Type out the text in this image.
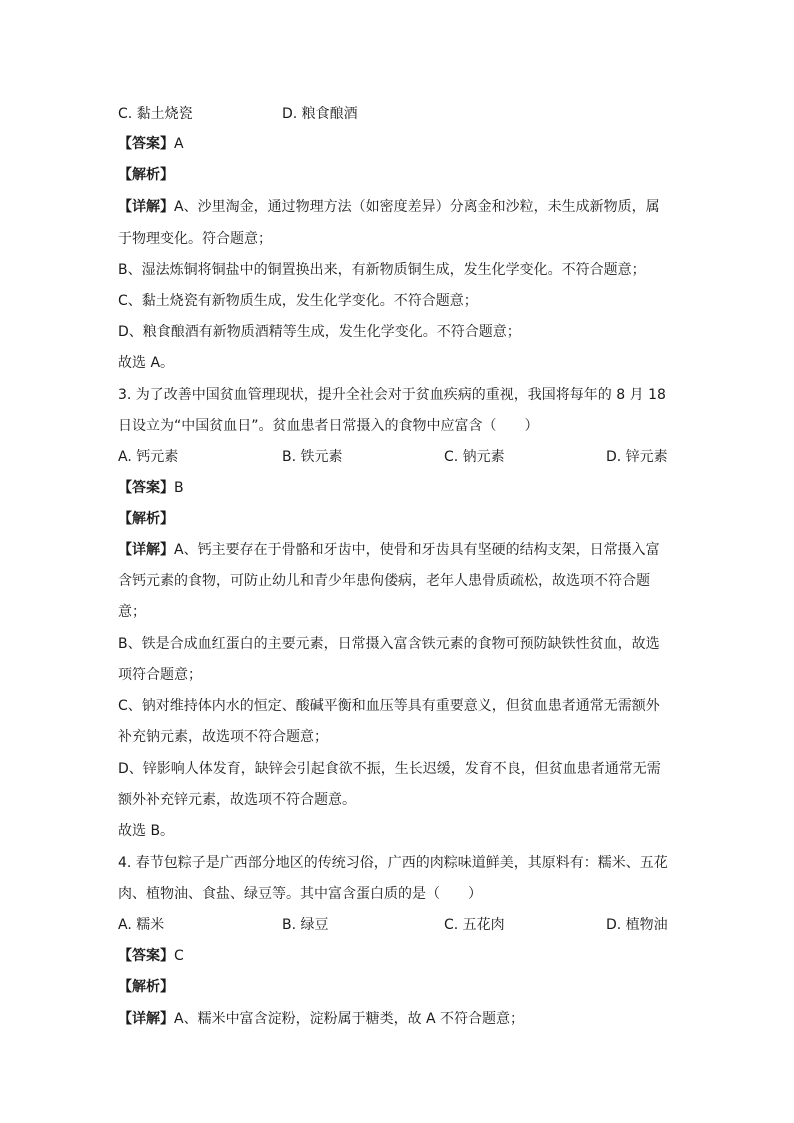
C. 黏土烧瓷	D. 粮食酿酒
【答案】A
【解析】
【详解】A、沙里淘金，通过物理方法（如密度差异）分离金和沙粒，未生成新物质，属
于物理变化。符合题意；
B、湿法炼铜将铜盐中的铜置换出来，有新物质铜生成，发生化学变化。不符合题意；
C、黏土烧瓷有新物质生成，发生化学变化。不符合题意；
D、粮食酿酒有新物质酒精等生成，发生化学变化。不符合题意；
故选 A。
3. 为了改善中国贫血管理现状，提升全社会对于贫血疾病的重视，我国将每年的 8 月 18
日设立为“中国贫血日”。贫血患者日常摄入的食物中应富含（　　）
A. 钙元素	B. 铁元素	C. 钠元素	D. 锌元素
【答案】B
【解析】
【详解】A、钙主要存在于骨骼和牙齿中，使骨和牙齿具有坚硬的结构支架，日常摄入富
含钙元素的食物，可防止幼儿和青少年患佝偻病，老年人患骨质疏松，故选项不符合题
意；
B、铁是合成血红蛋白的主要元素，日常摄入富含铁元素的食物可预防缺铁性贫血，故选
项符合题意；
C、钠对维持体内水的恒定、酸碱平衡和血压等具有重要意义，但贫血患者通常无需额外
补充钠元素，故选项不符合题意；
D、锌影响人体发育，缺锌会引起食欲不振，生长迟缓，发育不良，但贫血患者通常无需
额外补充锌元素，故选项不符合题意。
故选 B。
4. 春节包粽子是广西部分地区的传统习俗，广西的肉粽味道鲜美，其原料有：糯米、五花
肉、植物油、食盐、绿豆等。其中富含蛋白质的是（　　）
A. 糯米	B. 绿豆	C. 五花肉	D. 植物油
【答案】C
【解析】
【详解】A、糯米中富含淀粉，淀粉属于糖类，故 A 不符合题意；
